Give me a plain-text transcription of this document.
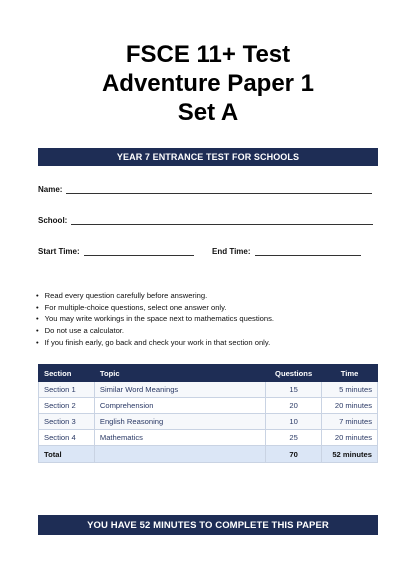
FSCE 11+ Test
Adventure Paper 1
Set A
YEAR 7 ENTRANCE TEST FOR SCHOOLS
Name:
School:
Start Time:	End Time:
• Read every question carefully before answering.
• For multiple-choice questions, select one answer only.
• You may write workings in the space next to mathematics questions.
• Do not use a calculator.
• If you finish early, go back and check your work in that section only.
Section	Topic	Questions	Time
Section 1	Similar Word Meanings	15	5 minutes
Section 2	Comprehension	20	20 minutes
Section 3	English Reasoning	10	7 minutes
Section 4	Mathematics	25	20 minutes
Total		70	52 minutes
YOU HAVE 52 MINUTES TO COMPLETE THIS PAPER
